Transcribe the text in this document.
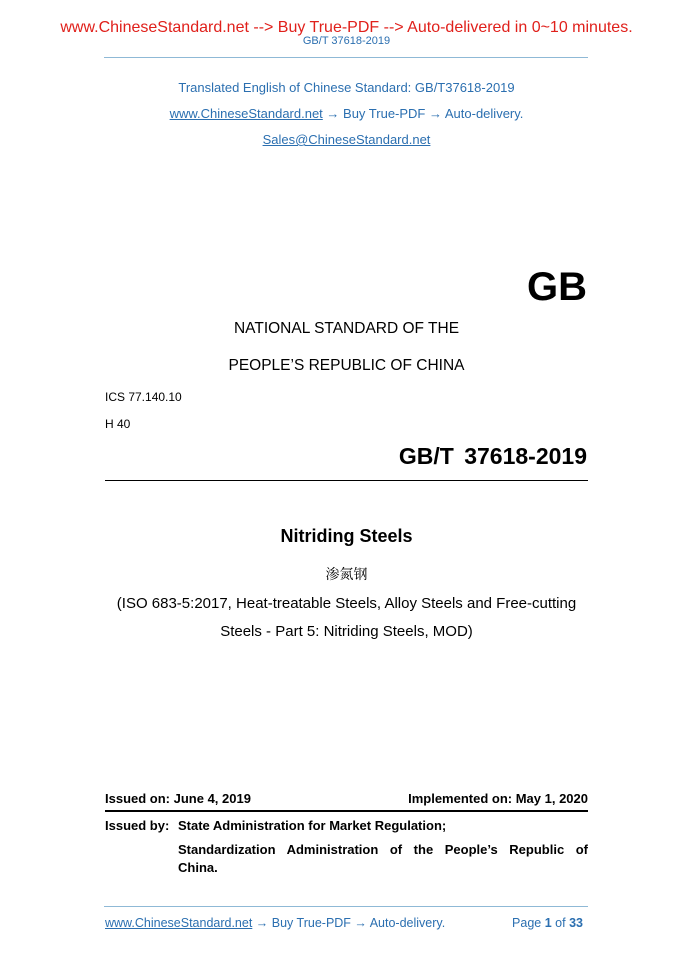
www.ChineseStandard.net --> Buy True-PDF --> Auto-delivered in 0~10 minutes.
GB/T 37618-2019
Translated English of Chinese Standard: GB/T37618-2019
www.ChineseStandard.net → Buy True-PDF → Auto-delivery.
Sales@ChineseStandard.net
GB
NATIONAL STANDARD OF THE
PEOPLE’S REPUBLIC OF CHINA
ICS 77.140.10
H 40
GB/T 37618-2019
Nitriding Steels
渗氮钢
(ISO 683-5:2017, Heat-treatable Steels, Alloy Steels and Free-cutting
Steels - Part 5: Nitriding Steels, MOD)
Issued on: June 4, 2019	Implemented on: May 1, 2020
Issued by: State Administration for Market Regulation;
Standardization Administration of the People’s Republic of
China.
www.ChineseStandard.net → Buy True-PDF → Auto-delivery.	Page 1 of 33
